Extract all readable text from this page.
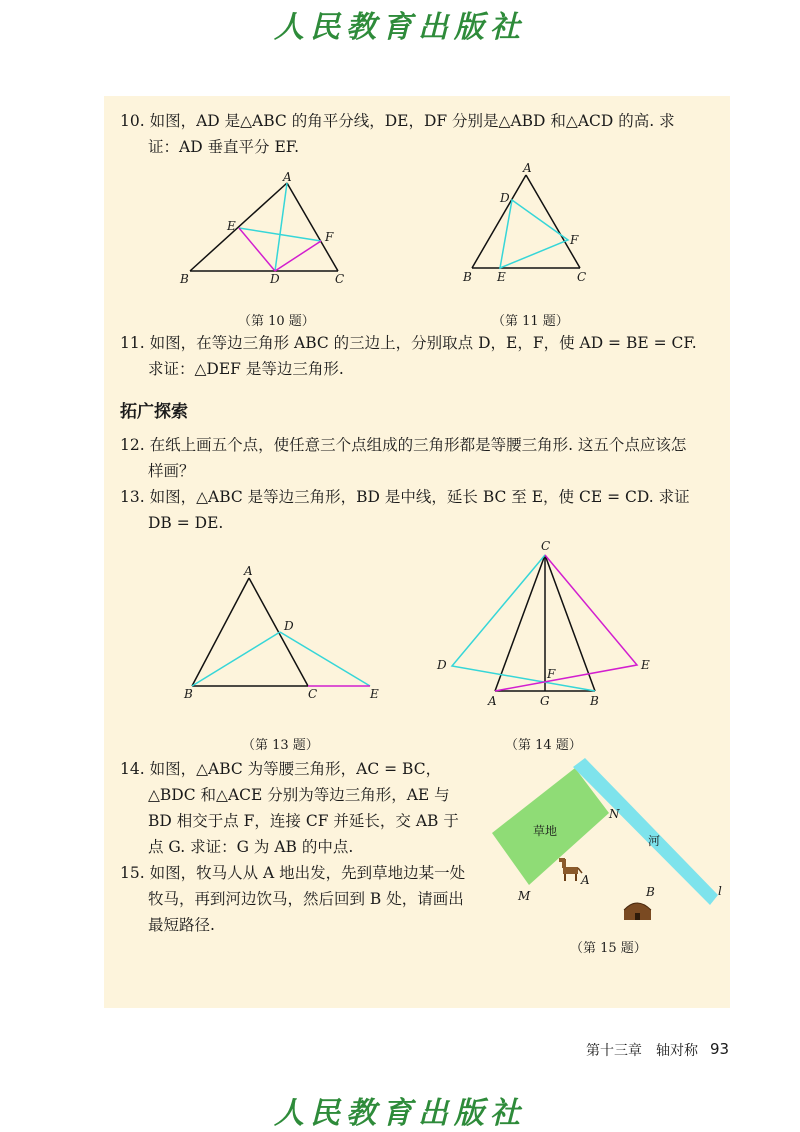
人民教育出版社
10. 如图，AD 是△ABC 的角平分线，DE，DF 分别是△ABD 和△ACD 的高. 求
证：AD 垂直平分 EF.
A
B	C
D
E
F
（第 10 题）
A
B	C
D
E
F
（第 11 题）
11. 如图，在等边三角形 ABC 的三边上，分别取点 D，E，F，使 AD = BE = CF.
求证：△DEF 是等边三角形.
拓广探索
12. 在纸上画五个点，使任意三个点组成的三角形都是等腰三角形. 这五个点应该怎
样画？
13. 如图，△ABC 是等边三角形，BD 是中线，延长 BC 至 E，使 CE = CD. 求证
DB = DE.
A
B	C
D
E
（第 13 题）
C
D	E
F
A	G	B
（第 14 题）
14. 如图，△ABC 为等腰三角形，AC = BC，
△BDC 和△ACE 分别为等边三角形，AE 与
BD 相交于点 F，连接 CF 并延长，交 AB 于
点 G. 求证：G 为 AB 的中点.
15. 如图，牧马人从 A 地出发，先到草地边某一处
牧马，再到河边饮马，然后回到 B 处，请画出
最短路径.
草地
河
N
M
A
B	l
（第 15 题）
第十三章　轴对称 93
人民教育出版社
